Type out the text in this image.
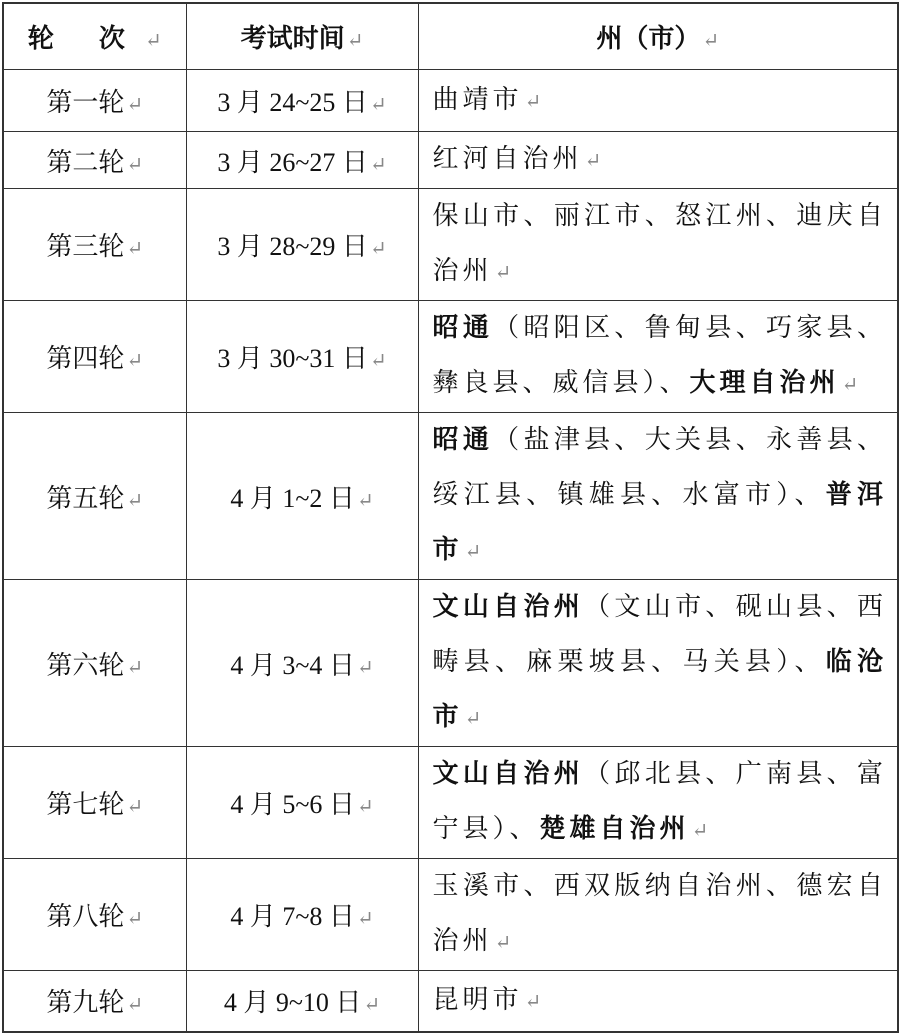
轮 次 ↵	考试时间 ↵	州（市） ↵
第一轮 ↵	3 月 24~25 日 ↵	曲靖市 ↵
第二轮 ↵	3 月 26~27 日 ↵	红河自治州 ↵
第三轮 ↵	3 月 28~29 日 ↵	保山市、丽江市、怒江州、迪庆自治州 ↵
第四轮 ↵	3 月 30~31 日 ↵	昭通（昭阳区、鲁甸县、巧家县、彝良县、威信县）、大理自治州 ↵
第五轮 ↵	4 月 1~2 日 ↵	昭通（盐津县、大关县、永善县、绥江县、镇雄县、水富市）、普洱市 ↵
第六轮 ↵	4 月 3~4 日 ↵	文山自治州（文山市、砚山县、西畴县、麻栗坡县、马关县）、临沧市 ↵
第七轮 ↵	4 月 5~6 日 ↵	文山自治州（邱北县、广南县、富宁县）、楚雄自治州 ↵
第八轮 ↵	4 月 7~8 日 ↵	玉溪市、西双版纳自治州、德宏自治州 ↵
第九轮 ↵	4 月 9~10 日 ↵	昆明市 ↵
